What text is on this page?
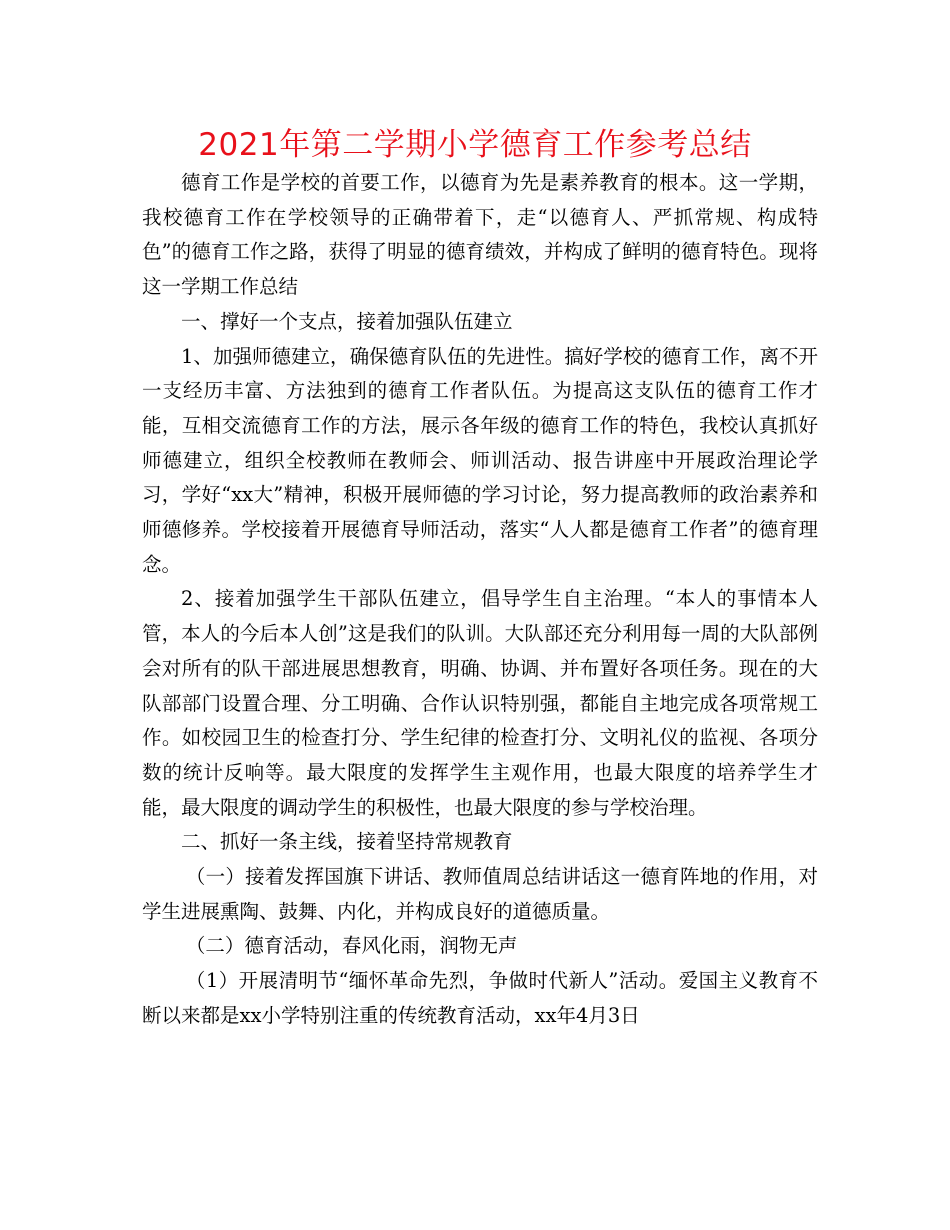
2021年第二学期小学德育工作参考总结

德育工作是学校的首要工作，以德育为先是素养教育的根本。这一学期，我校德育工作在学校领导的正确带着下，走“以德育人、严抓常规、构成特色”的德育工作之路，获得了明显的德育绩效，并构成了鲜明的德育特色。现将这一学期工作总结

一、撑好一个支点，接着加强队伍建立

1、加强师德建立，确保德育队伍的先进性。搞好学校的德育工作，离不开一支经历丰富、方法独到的德育工作者队伍。为提高这支队伍的德育工作才能，互相交流德育工作的方法，展示各年级的德育工作的特色，我校认真抓好师德建立，组织全校教师在教师会、师训活动、报告讲座中开展政治理论学习，学好“xx大”精神，积极开展师德的学习讨论，努力提高教师的政治素养和师德修养。学校接着开展德育导师活动，落实“人人都是德育工作者”的德育理念。

2、接着加强学生干部队伍建立，倡导学生自主治理。“本人的事情本人管，本人的今后本人创”这是我们的队训。大队部还充分利用每一周的大队部例会对所有的队干部进展思想教育，明确、协调、并布置好各项任务。现在的大队部部门设置合理、分工明确、合作认识特别强，都能自主地完成各项常规工作。如校园卫生的检查打分、学生纪律的检查打分、文明礼仪的监视、各项分数的统计反响等。最大限度的发挥学生主观作用，也最大限度的培养学生才能，最大限度的调动学生的积极性，也最大限度的参与学校治理。

二、抓好一条主线，接着坚持常规教育

（一）接着发挥国旗下讲话、教师值周总结讲话这一德育阵地的作用，对学生进展熏陶、鼓舞、内化，并构成良好的道德质量。

（二）德育活动，春风化雨，润物无声

（1）开展清明节“缅怀革命先烈，争做时代新人”活动。爱国主义教育不断以来都是xx小学特别注重的传统教育活动，xx年4月3日
